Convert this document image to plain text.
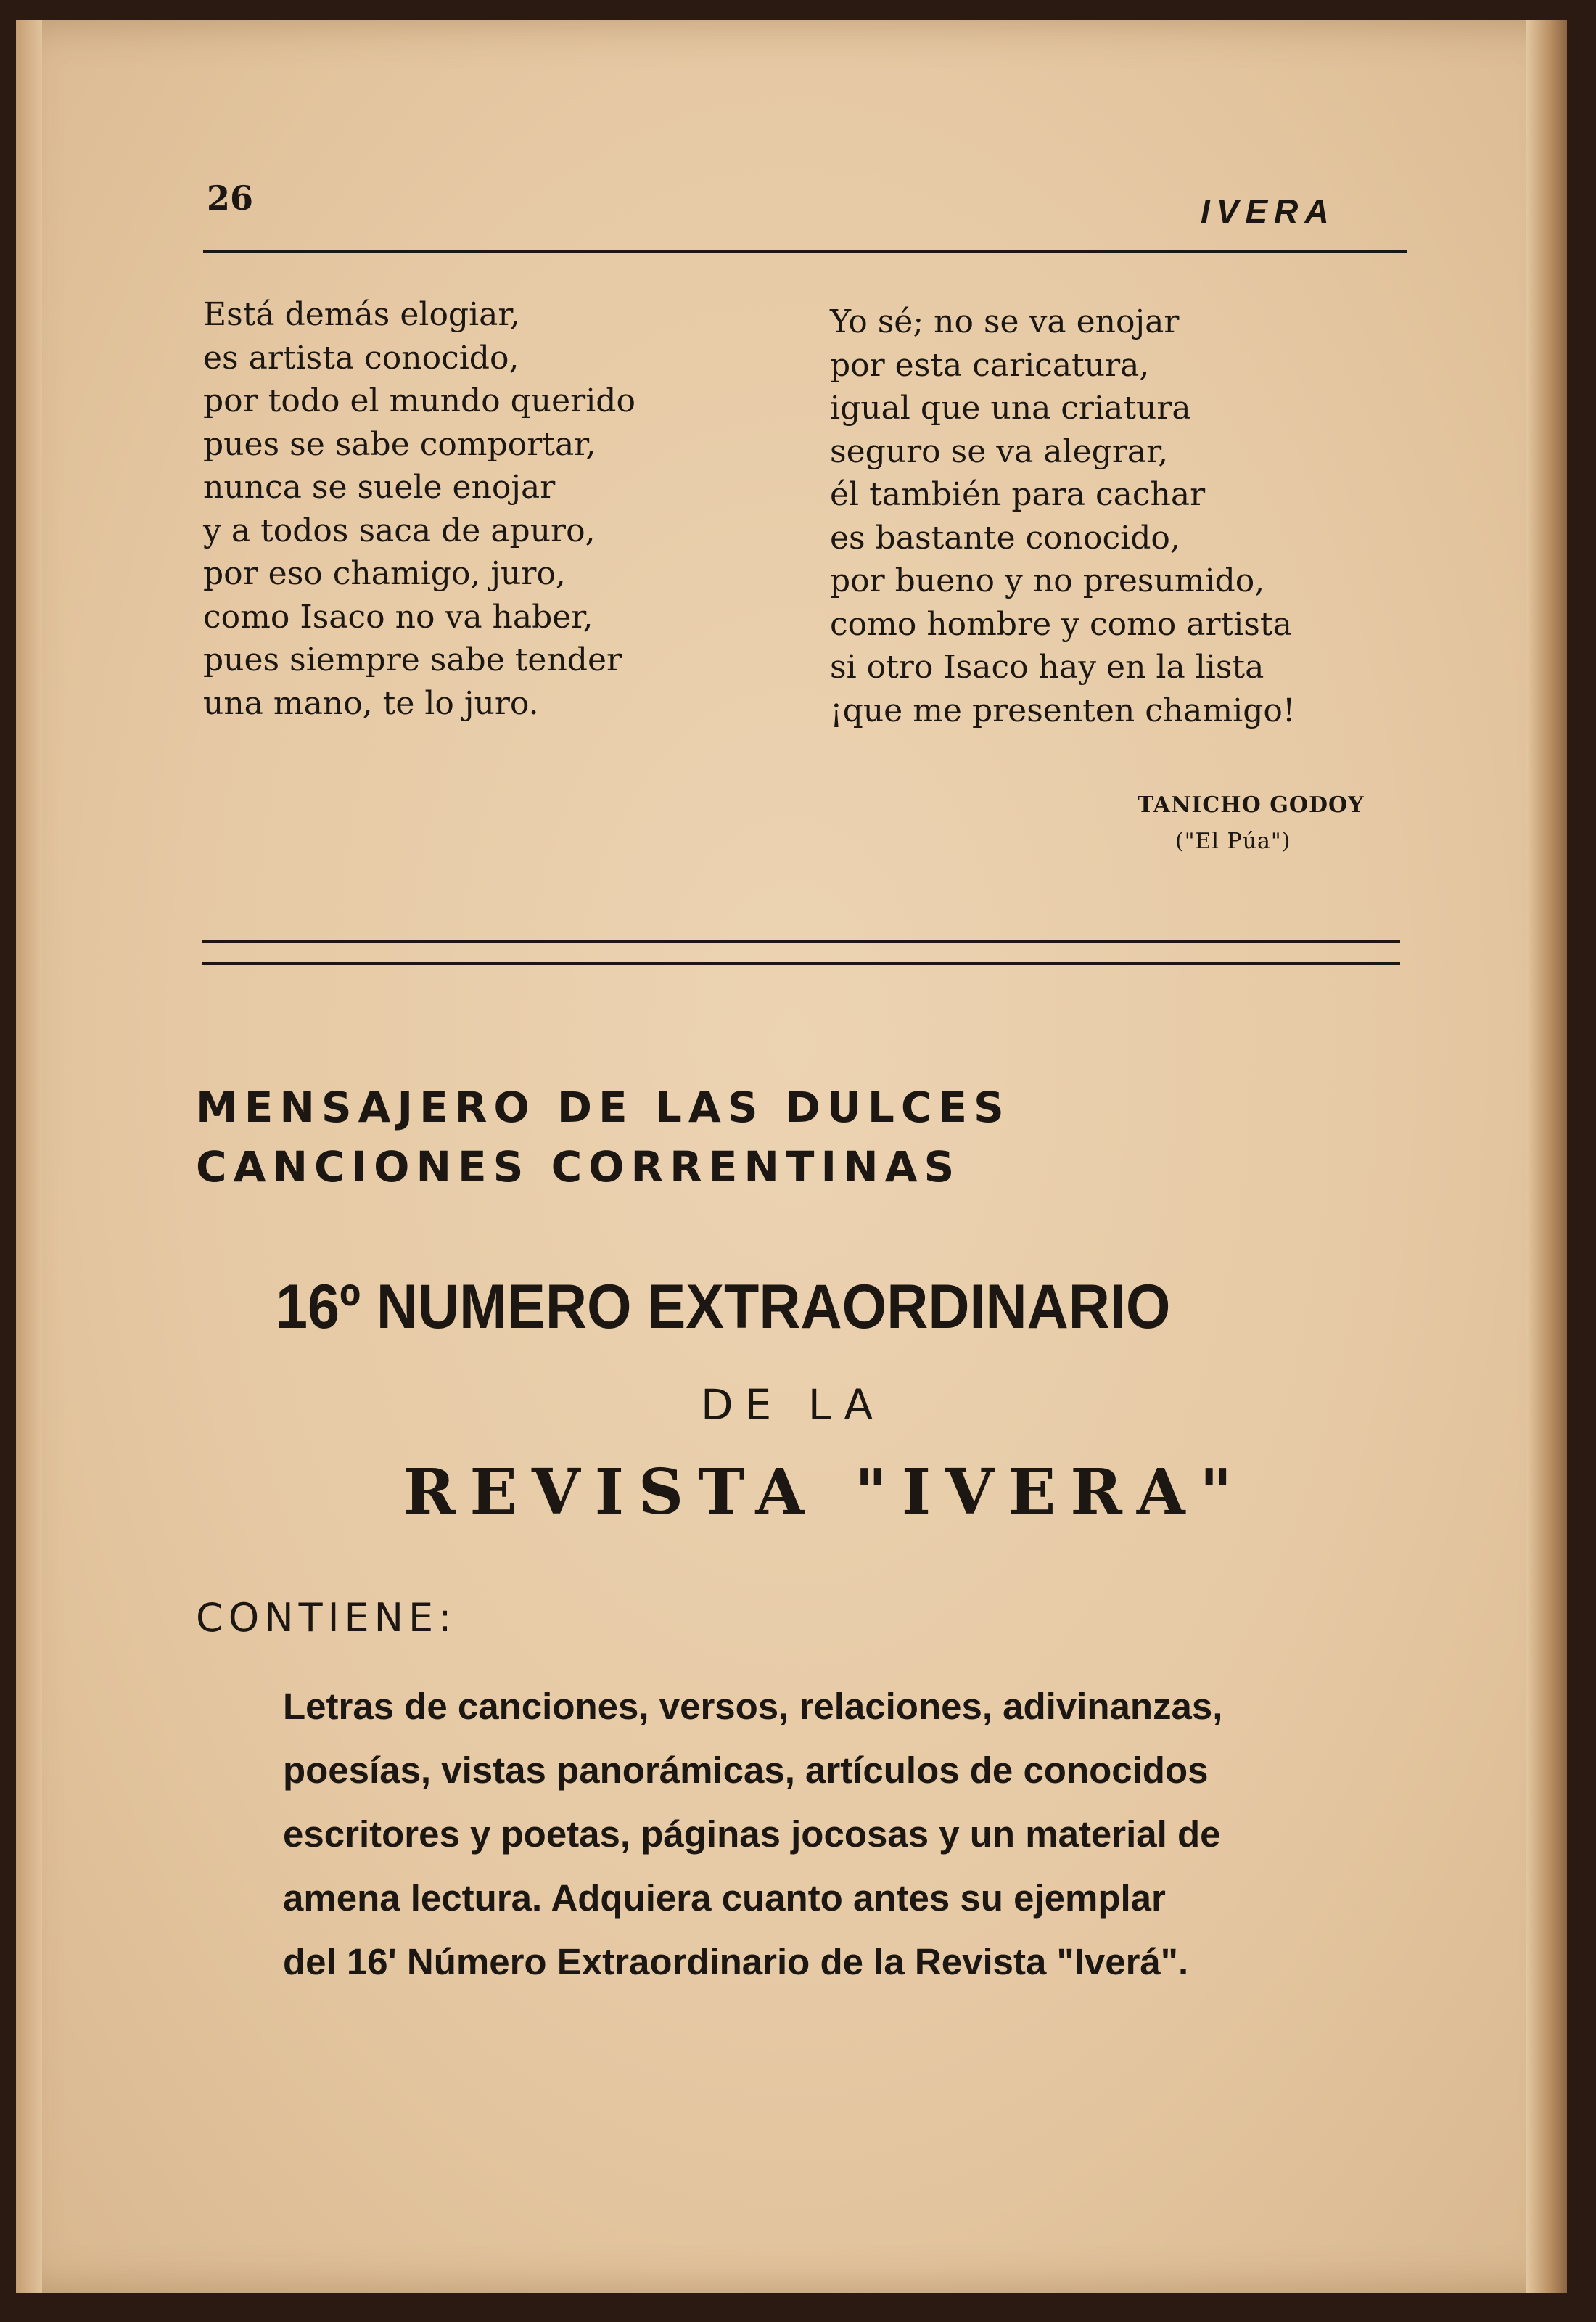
26	IVERA
Está demás elogiar,
es artista conocido,
por todo el mundo querido
pues se sabe comportar,
nunca se suele enojar
y a todos saca de apuro,
por eso chamigo, juro,
como Isaco no va haber,
pues siempre sabe tender
una mano, te lo juro.
Yo sé; no se va enojar
por esta caricatura,
igual que una criatura
seguro se va alegrar,
él también para cachar
es bastante conocido,
por bueno y no presumido,
como hombre y como artista
si otro Isaco hay en la lista
¡que me presenten chamigo!
TANICHO GODOY
("El Púa")
MENSAJERO DE LAS DULCES
CANCIONES CORRENTINAS
16º NUMERO EXTRAORDINARIO
DE LA
REVISTA "IVERA"
CONTIENE:
Letras de canciones, versos, relaciones, adivinanzas,
poesías, vistas panorámicas, artículos de conocidos
escritores y poetas, páginas jocosas y un material de
amena lectura. Adquiera cuanto antes su ejemplar
del 16' Número Extraordinario de la Revista "Iverá".
